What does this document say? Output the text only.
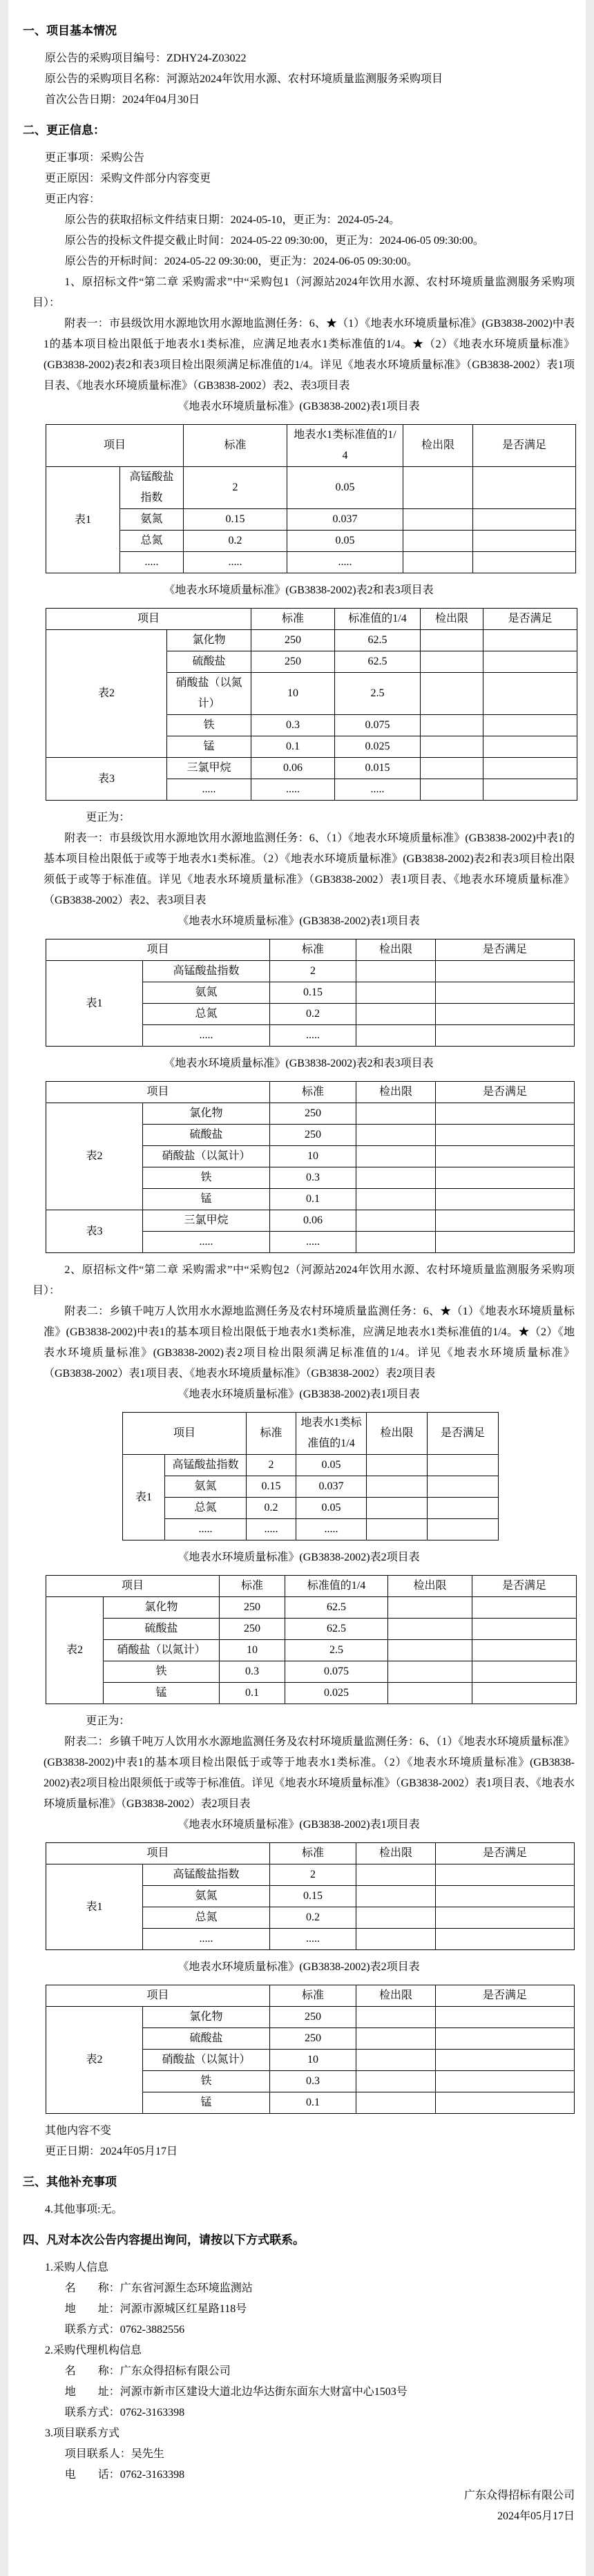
一、项目基本情况

原公告的采购项目编号：ZDHY24-Z03022

原公告的采购项目名称：河源站2024年饮用水源、农村环境质量监测服务采购项目

首次公告日期：2024年04月30日

二、更正信息：

更正事项：采购公告

更正原因：采购文件部分内容变更

更正内容：

原公告的获取招标文件结束日期：2024-05-10，更正为：2024-05-24。

原公告的投标文件提交截止时间：2024-05-22 09:30:00，更正为：2024-06-05 09:30:00。

原公告的开标时间：2024-05-22 09:30:00，更正为：2024-06-05 09:30:00。

1、原招标文件“第二章 采购需求”中“采购包1（河源站2024年饮用水源、农村环境质量监测服务采购项目）：

附表一：市县级饮用水源地饮用水源地监测任务：6、★（1）《地表水环境质量标准》(GB3838-2002)中表1的基本项目检出限低于地表水1类标准，应满足地表水1类标准值的1/4。★（2）《地表水环境质量标准》(GB3838-2002)表2和表3项目检出限须满足标准值的1/4。详见《地表水环境质量标准》（GB3838-2002）表1项目表、《地表水环境质量标准》（GB3838-2002）表2、表3项目表

《地表水环境质量标准》(GB3838-2002)表1项目表

项目		标准	地表水1类标准值的1/4	检出限	是否满足
表1	高锰酸盐指数	2	0.05		
	氨氮	0.15	0.037		
	总氮	0.2	0.05		
	.....	.....	.....		

《地表水环境质量标准》(GB3838-2002)表2和表3项目表

项目		标准	标准值的1/4	检出限	是否满足
表2	氯化物	250	62.5		
	硫酸盐	250	62.5		
	硝酸盐（以氮计）	10	2.5		
	铁	0.3	0.075		
	锰	0.1	0.025		
表3	三氯甲烷	0.06	0.015		
	.....	.....	.....		

更正为：

附表一：市县级饮用水源地饮用水源地监测任务：6、（1）《地表水环境质量标准》(GB3838-2002)中表1的基本项目检出限低于或等于地表水1类标准。（2）《地表水环境质量标准》(GB3838-2002)表2和表3项目检出限须低于或等于标准值。详见《地表水环境质量标准》（GB3838-2002）表1项目表、《地表水环境质量标准》（GB3838-2002）表2、表3项目表

《地表水环境质量标准》(GB3838-2002)表1项目表

项目		标准	检出限	是否满足
表1	高锰酸盐指数	2		
	氨氮	0.15		
	总氮	0.2		
	.....	.....		

《地表水环境质量标准》(GB3838-2002)表2和表3项目表

项目		标准	检出限	是否满足
表2	氯化物	250		
	硫酸盐	250		
	硝酸盐（以氮计）	10		
	铁	0.3		
	锰	0.1		
表3	三氯甲烷	0.06		
	.....	.....		

2、原招标文件“第二章 采购需求”中“采购包2（河源站2024年饮用水源、农村环境质量监测服务采购项目）：

附表二：乡镇千吨万人饮用水水源地监测任务及农村环境质量监测任务：6、★（1）《地表水环境质量标准》(GB3838-2002)中表1的基本项目检出限低于地表水1类标准，应满足地表水1类标准值的1/4。★（2）《地表水环境质量标准》(GB3838-2002)表2项目检出限须满足标准值的1/4。详见《地表水环境质量标准》（GB3838-2002）表1项目表、《地表水环境质量标准》（GB3838-2002）表2项目表

《地表水环境质量标准》(GB3838-2002)表1项目表

项目		标准	地表水1类标准值的1/4	检出限	是否满足
表1	高锰酸盐指数	2	0.05		
	氨氮	0.15	0.037		
	总氮	0.2	0.05		
	.....	.....	.....		

《地表水环境质量标准》(GB3838-2002)表2项目表

项目		标准	标准值的1/4	检出限	是否满足
表2	氯化物	250	62.5		
	硫酸盐	250	62.5		
	硝酸盐（以氮计）	10	2.5		
	铁	0.3	0.075		
	锰	0.1	0.025		

更正为：

附表二：乡镇千吨万人饮用水水源地监测任务及农村环境质量监测任务：6、（1）《地表水环境质量标准》(GB3838-2002)中表1的基本项目检出限低于或等于地表水1类标准。（2）《地表水环境质量标准》(GB3838-2002)表2项目检出限须低于或等于标准值。详见《地表水环境质量标准》（GB3838-2002）表1项目表、《地表水环境质量标准》（GB3838-2002）表2项目表

《地表水环境质量标准》(GB3838-2002)表1项目表

项目		标准	检出限	是否满足
表1	高锰酸盐指数	2		
	氨氮	0.15		
	总氮	0.2		
	.....	.....		

《地表水环境质量标准》(GB3838-2002)表2项目表

项目		标准	检出限	是否满足
表2	氯化物	250		
	硫酸盐	250		
	硝酸盐（以氮计）	10		
	铁	0.3		
	锰	0.1		

其他内容不变

更正日期：2024年05月17日

三、其他补充事项

4.其他事项:无。

四、凡对本次公告内容提出询问，请按以下方式联系。

1.采购人信息

名　　称：广东省河源生态环境监测站

地　　址：河源市源城区红星路118号

联系方式：0762-3882556

2.采购代理机构信息

名　　称：广东众得招标有限公司

地　　址：河源市新市区建设大道北边华达街东面东大财富中心1503号

联系方式：0762-3163398

3.项目联系方式

项目联系人：吴先生

电　　话：0762-3163398

广东众得招标有限公司

2024年05月17日
